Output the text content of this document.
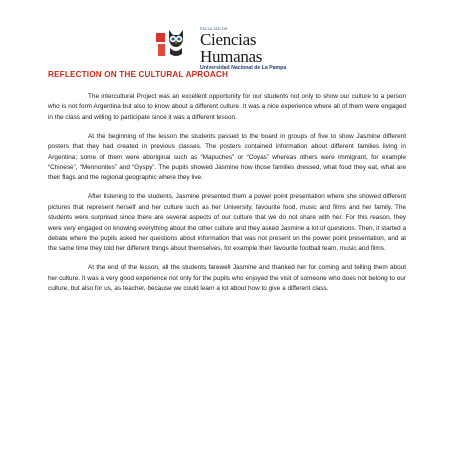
FACULTAD DE
Ciencias Humanas
Universidad Nacional de La Pampa
REFLECTION ON THE CULTURAL APROACH

The intercultural Project was an excellent opportunity for our students not only to show our culture to a person who is not form Argentina but also to know about a different culture. It was a nice experience where all of them were engaged in the class and willing to participate since it was a different lesson.

At the beginning of the lesson the students passed to the board in groups of five to show Jasmine different posters that they had created in previous classes. The posters contained information about different families living in Argentina; some of them were aboriginal such as “Mapuches” or “Coyas” whereas others were immigrant, for example “Chinese”, “Mennonites” and “Gyspy”. The pupils showed Jasmine how those families dressed, what food they eat, what are their flags and the regional geographic where they live.

After listening to the students, Jasmine presented them a power point presentation where she showed different pictures that represent herself and her culture such as her University, favourite food, music and films and her family. The students were surprised since there are several aspects of our culture that we do not share with her. For this reason, they were very engaged on knowing everything about the other culture and they asked Jasmine a lot of questions. Then, it started a debate where the pupils asked her questions about information that was not present on the power point presentation, and at the same time they told her different things about themselves, for example their favourite football team, music and films.

At the end of the lesson, all the students farewell Jasmine and thanked her for coming and telling them about her culture. It was a very good experience not only for the pupils who enjoyed the visit of someone who does not belong to our culture, but also for us, as teacher, because we could learn a lot about how to give a different class.
